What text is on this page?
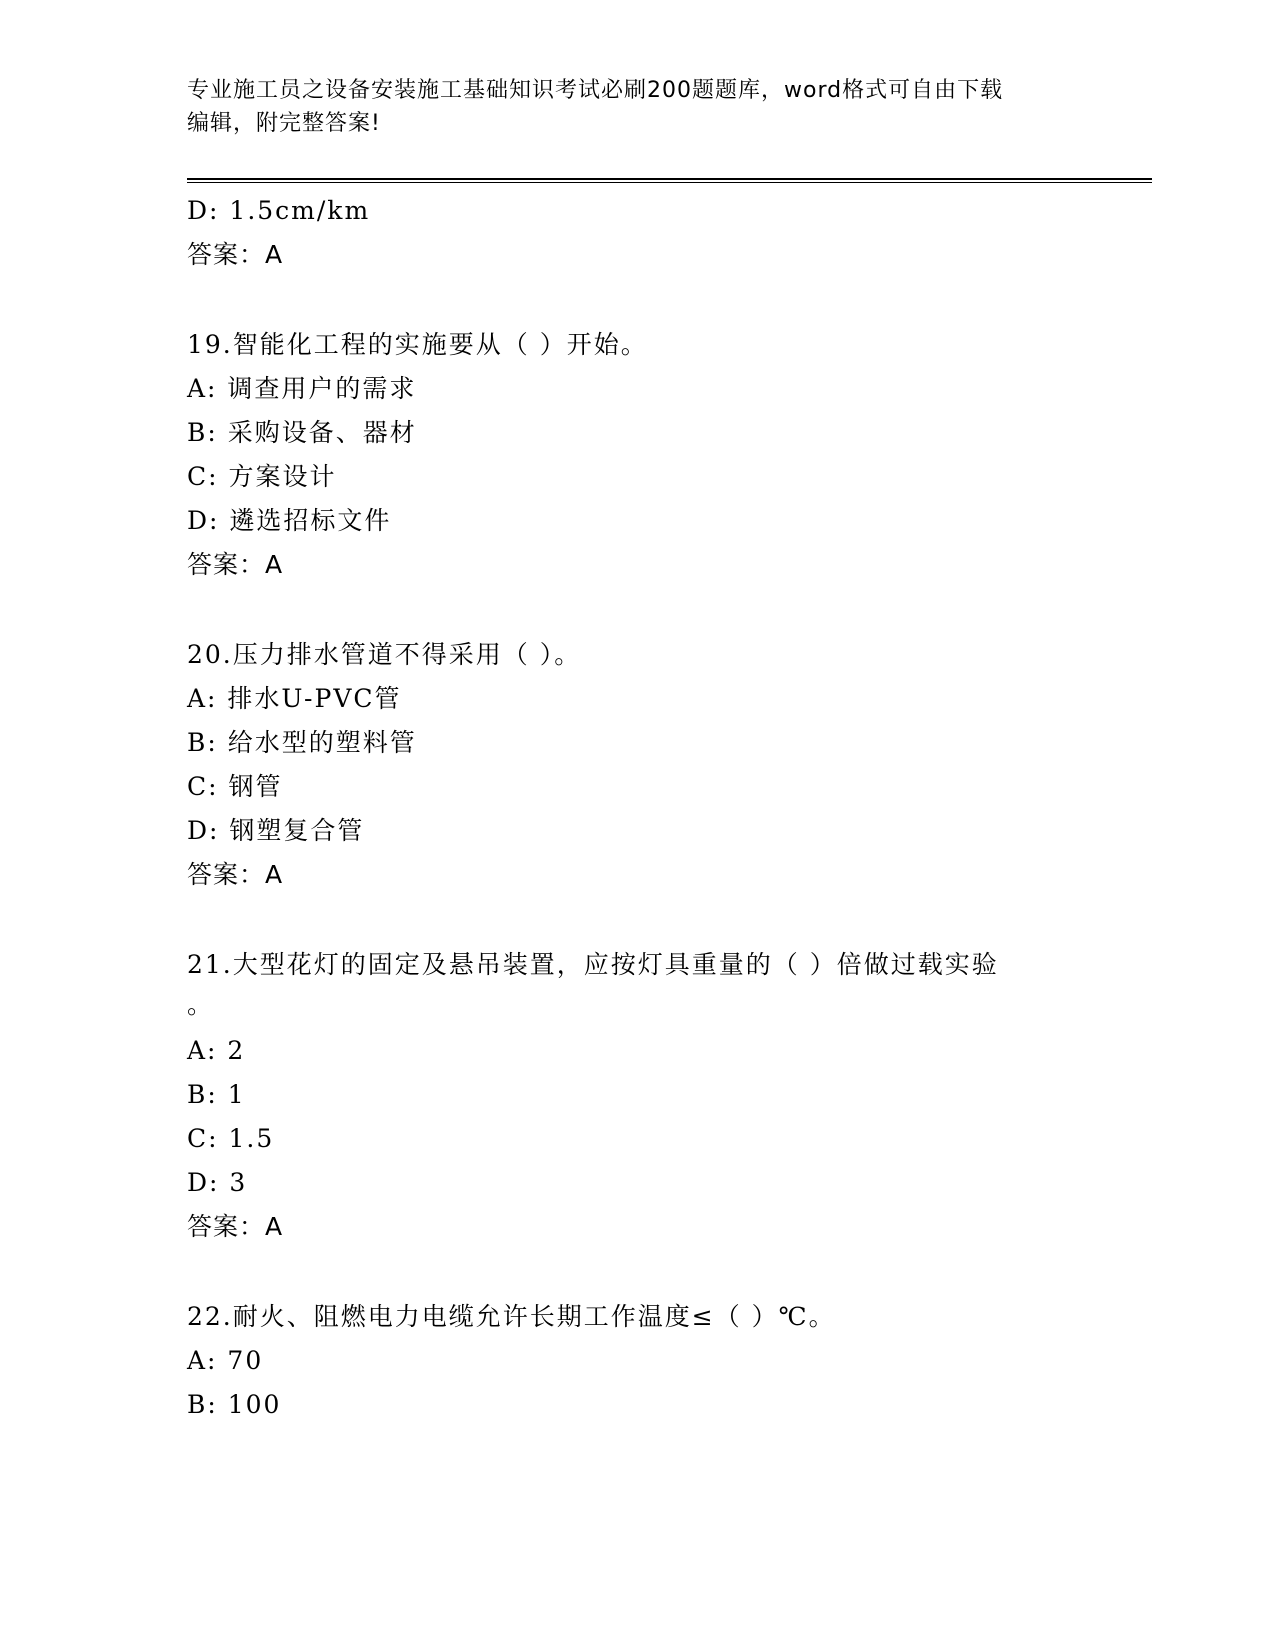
专业施工员之设备安装施工基础知识考试必刷200题题库，word格式可自由下载
编辑，附完整答案!
D: 1.5cm/km
答案：A
19.智能化工程的实施要从（ ）开始。
A: 调查用户的需求
B: 采购设备、器材
C: 方案设计
D: 遴选招标文件
答案：A
20.压力排水管道不得采用（ ）。
A: 排水U-PVC管
B: 给水型的塑料管
C: 钢管
D: 钢塑复合管
答案：A
21.大型花灯的固定及悬吊装置，应按灯具重量的（ ）倍做过载实验
。
A: 2
B: 1
C: 1.5
D: 3
答案：A
22.耐火、阻燃电力电缆允许长期工作温度≤（ ）℃。
A: 70
B: 100
